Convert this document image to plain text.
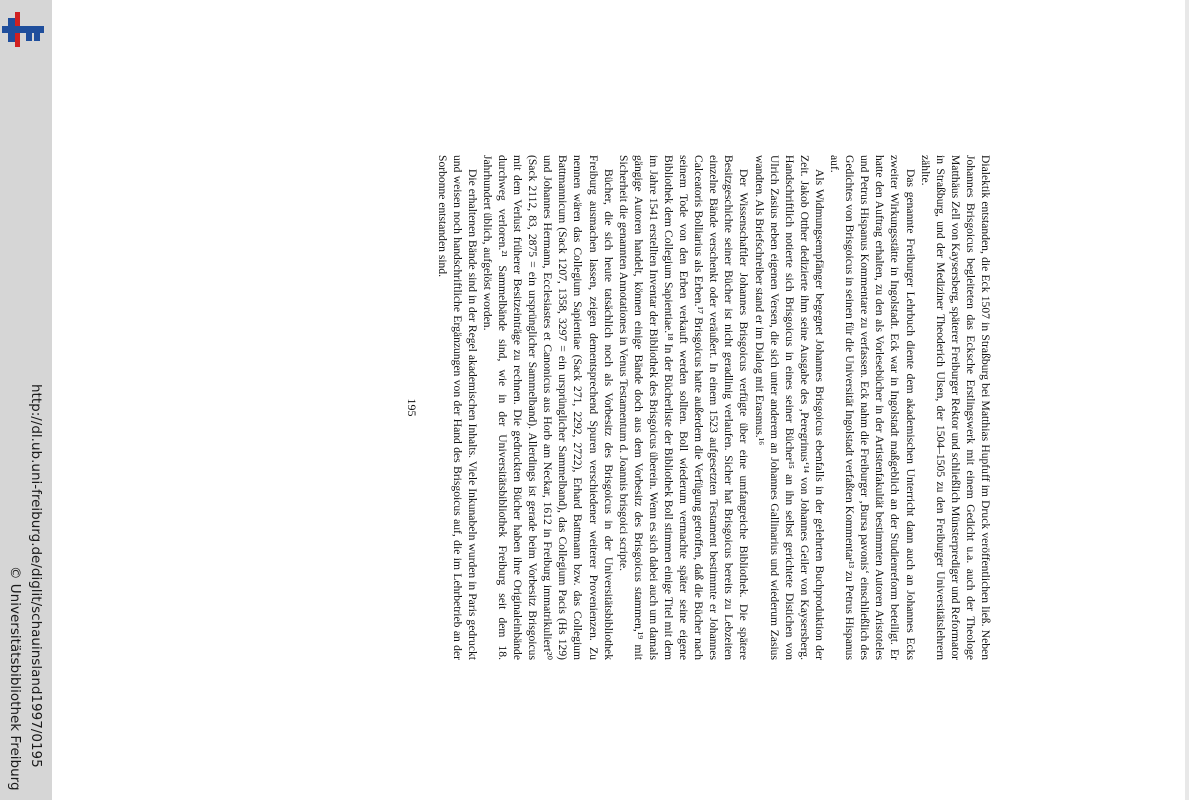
http://dl.ub.uni-freiburg.de/diglit/schauinsland1997/0195
© Universitätsbibliothek Freiburg

Dialektik entstanden, die Eck 1507 in Straßburg bei Matthias Hupfuff im Druck veröffentlichen ließ. Neben Johannes Brisgoicus begleiteten das Ecksche Erstlingswerk mit einem Gedicht u.a. auch der Theologe Matthäus Zell von Kaysersberg, späterer Freiburger Rektor und schließlich Münsterprediger und Reformator in Straßburg, und der Mediziner Theoderich Ulsen, der 1504–1505 zu den Freiburger Universitätslehrern zählte.

Das genannte Freiburger Lehrbuch diente dem akademischen Unterricht dann auch an Johannes Ecks zweiter Wirkungsstätte in Ingolstadt. Eck war in Ingolstadt maßgeblich an der Studienreform beteiligt. Er hatte den Auftrag erhalten, zu den als Vorlesebücher in der Artistenfakultät bestimmten Autoren Aristoteles und Petrus Hispanus Kommentare zu verfassen. Eck nahm die Freiburger ‚Bursa pavonis‘ einschließlich des Gedichtes von Brisgoicus in seinen für die Universität Ingolstadt verfaßten Kommentar¹³ zu Petrus Hispanus auf.

Als Widmungsempfänger begegnet Johannes Brisgoicus ebenfalls in der gelehrten Buchproduktion der Zeit. Jakob Otther dedizierte ihm seine Ausgabe des ‚Peregrinus‘¹⁴ von Johannes Geiler von Kaysersberg. Handschriftlich notierte sich Brisgoicus in eines seiner Bücher¹⁵ an ihn selbst gerichtete Distichen von Ulrich Zasius neben eigenen Versen, die sich unter anderem an Johannes Gallinarius und wiederum Zasius wandten. Als Briefschreiber stand er im Dialog mit Erasmus.¹⁶

Der Wissenschaftler Johannes Brisgoicus verfügte über eine umfangreiche Bibliothek. Die spätere Besitzgeschichte seiner Bücher ist nicht geradlinig verlaufen. Sicher hat Brisgoicus bereits zu Lebzeiten einzelne Bände verschenkt oder veräußert. In einem 1523 aufgesetzten Testament bestimmte er Johannes Calceatoris Bolliarius als Erben.¹⁷ Brisgoicus hatte außerdem die Verfügung getroffen, daß die Bücher nach seinem Tode von den Erben verkauft werden sollten. Boll wiederum vermachte später seine eigene Bibliothek dem Collegium Sapientiae.¹⁸ In der Bücherliste der Bibliothek Boll stimmen einige Titel mit dem im Jahre 1541 erstellten Inventar der Bibliothek des Brisgoicus überein. Wenn es sich dabei auch um damals gängige Autoren handelt, können einige Bände doch aus dem Vorbesitz des Brisgoicus stammen,¹⁹ mit Sicherheit die genannten Annotationes in Venus Testamentum d. Joannis brisgoici scripte.

Bücher, die sich heute tatsächlich noch als Vorbesitz des Brisgoicus in der Universitätsbibliothek Freiburg ausmachen lassen, zeigen dementsprechend Spuren verschiedener weiterer Provenienzen. Zu nennen wären das Collegium Sapientiae (Sack 271, 2292, 2722), Erhard Battmann bzw. das Collegium Battmannicum (Sack 1207, 1358, 3297 = ein ursprünglicher Sammelband), das Collegium Pacis (Hs 129) und Johannes Hermann, Ecclesiastes et Canonicus aus Horb am Neckar, 1612 in Freiburg immatrikuliert²⁰ (Sack 2112, 83, 2875 = ein ursprünglicher Sammelband). Allerdings ist gerade beim Vorbesitz Brisgoicus mit dem Verlust früherer Besitzeinträge zu rechnen. Die gedruckten Bücher haben ihre Originaleinbände durchweg verloren.²¹ Sammelbände sind, wie in der Universitätsbibliothek Freiburg seit dem 18. Jahrhundert üblich, aufgelöst worden.

Die erhaltenen Bände sind in der Regel akademischen Inhalts. Viele Inkunabeln wurden in Paris gedruckt und weisen noch handschriftliche Ergänzungen von der Hand des Brisgoicus auf, die im Lehrbetrieb an der Sorbonne entstanden sind.

195
